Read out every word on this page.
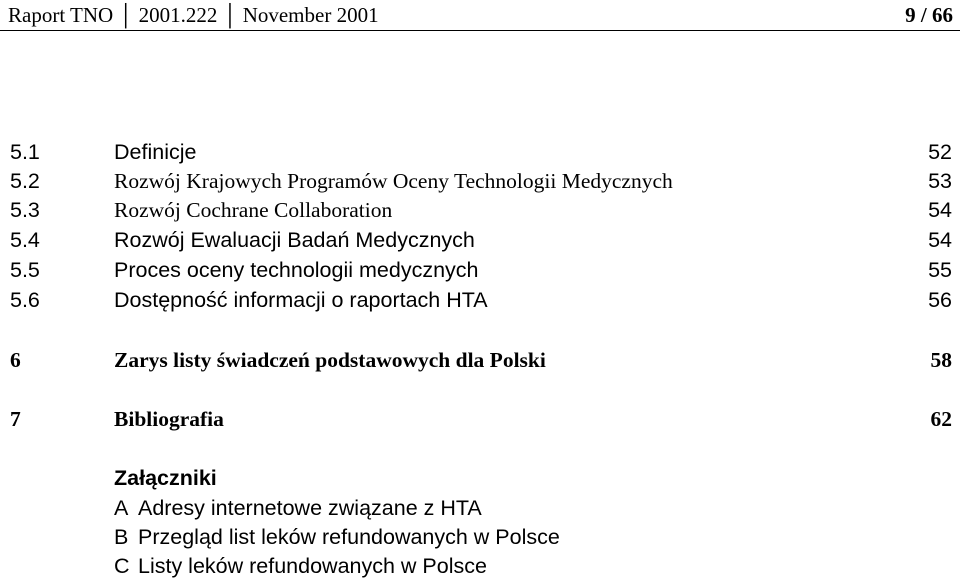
Raport TNO │ 2001.222 │ November 2001	9 / 66
5.1	Definicje	52
5.2	Rozwój Krajowych Programów Oceny Technologii Medycznych	53
5.3	Rozwój Cochrane Collaboration	54
5.4	Rozwój Ewaluacji Badań Medycznych	54
5.5	Proces oceny technologii medycznych	55
5.6	Dostępność informacji o raportach HTA	56
6	Zarys listy świadczeń podstawowych dla Polski	58
7	Bibliografia	62
Załączniki
A Adresy internetowe związane z HTA
B Przegląd list leków refundowanych w Polsce
C Listy leków refundowanych w Polsce
